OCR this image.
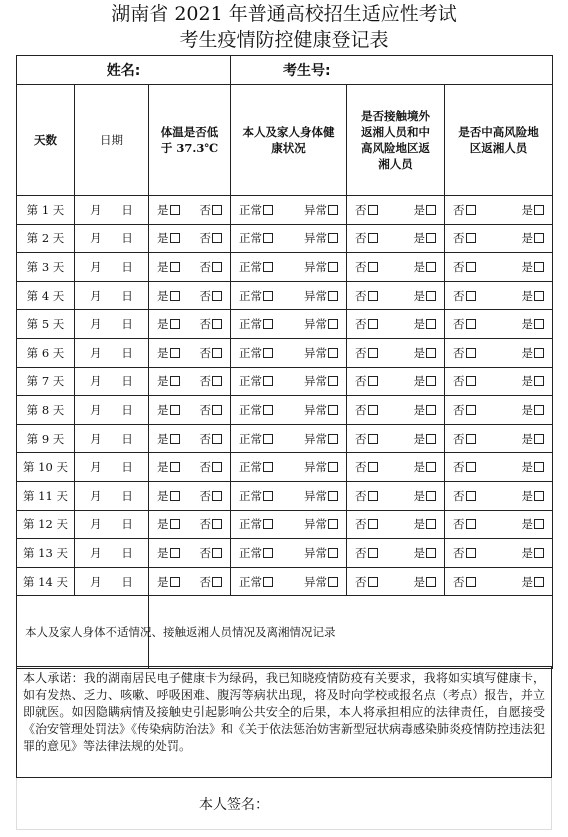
湖南省 2021 年普通高校招生适应性考试
考生疫情防控健康登记表
姓名:			考生号:		
天数	日期	体温是否低于 37.3℃	本人及家人身体健康状况	是否接触境外返湘人员和中高风险地区返湘人员	是否中高风险地区返湘人员
第 1 天	月 日	是 否	正常 异常	否 是	否 是

第 2 天	月 日	是 否	正常 异常	否 是	否 是

第 3 天	月 日	是 否	正常 异常	否 是	否 是

第 4 天	月 日	是 否	正常 异常	否 是	否 是

第 5 天	月 日	是 否	正常 异常	否 是	否 是

第 6 天	月 日	是 否	正常 异常	否 是	否 是

第 7 天	月 日	是 否	正常 异常	否 是	否 是

第 8 天	月 日	是 否	正常 异常	否 是	否 是

第 9 天	月 日	是 否	正常 异常	否 是	否 是

第 10 天	月 日	是 否	正常 异常	否 是	否 是

第 11 天	月 日	是 否	正常 异常	否 是	否 是

第 12 天	月 日	是 否	正常 异常	否 是	否 是

第 13 天	月 日	是 否	正常 异常	否 是	否 是

第 14 天	月 日	是 否	正常 异常	否 是	否 是

本人及家人身体不适情况、接触返湘人员情况及离湘情况记录					
本人承诺：我的湖南居民电子健康卡为绿码，我已知晓疫情防疫有关要求，我将如实填写健康卡，如有发热、乏力、咳嗽、呼吸困难、腹泻等病状出现，将及时向学校或报名点（考点）报告，并立即就医。如因隐瞒病情及接触史引起影响公共安全的后果，本人将承担相应的法律责任，自愿接受《治安管理处罚法》《传染病防治法》和《关于依法惩治妨害新型冠状病毒感染肺炎疫情防控违法犯罪的意见》等法律法规的处罚。
本人签名：
